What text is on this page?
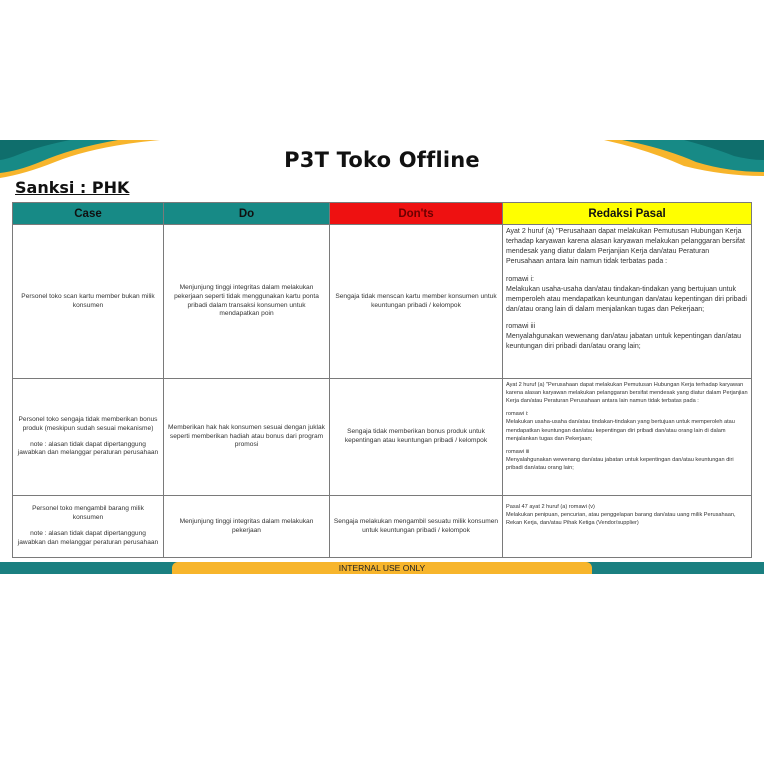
P3T Toko Offline
Sanksi : PHK
Case	Do	Don'ts	Redaksi Pasal

Personel toko scan kartu member bukan milik konsumen	Menjunjung tinggi integritas dalam melakukan pekerjaan seperti tidak menggunakan kartu ponta pribadi dalam transaksi konsumen untuk mendapatkan poin	Sengaja tidak menscan kartu member konsumen untuk keuntungan pribadi / kelompok	Ayat 2 huruf (a) "Perusahaan dapat melakukan Pemutusan Hubungan Kerja terhadap karyawan karena alasan karyawan melakukan pelanggaran bersifat mendesak yang diatur dalam Perjanjian Kerja dan/atau Peraturan Perusahaan antara lain namun tidak terbatas pada :
romawi i:
Melakukan usaha-usaha dan/atau tindakan-tindakan yang bertujuan untuk memperoleh atau mendapatkan keuntungan dan/atau kepentingan diri pribadi dan/atau orang lain di dalam menjalankan tugas dan Pekerjaan;
romawi iii
Menyalahgunakan wewenang dan/atau jabatan untuk kepentingan dan/atau keuntungan diri pribadi dan/atau orang lain;

Personel toko sengaja tidak memberikan bonus produk (meskipun sudah sesuai mekanisme)
note : alasan tidak dapat dipertanggung jawabkan dan melanggar peraturan perusahaan	Memberikan hak hak konsumen sesuai dengan juklak seperti memberikan hadiah atau bonus dari program promosi	Sengaja tidak memberikan bonus produk untuk kepentingan atau keuntungan pribadi / kelompok	Ayat 2 huruf (a) "Perusahaan dapat melakukan Pemutusan Hubungan Kerja terhadap karyawan karena alasan karyawan melakukan pelanggaran bersifat mendesak yang diatur dalam Perjanjian Kerja dan/atau Peraturan Perusahaan antara lain namun tidak terbatas pada :
romawi i:
Melakukan usaha-usaha dan/atau tindakan-tindakan yang bertujuan untuk memperoleh atau mendapatkan keuntungan dan/atau kepentingan diri pribadi dan/atau orang lain di dalam menjalankan tugas dan Pekerjaan;
romawi iii
Menyalahgunakan wewenang dan/atau jabatan untuk kepentingan dan/atau keuntungan diri pribadi dan/atau orang lain;

Personel toko mengambil barang milik konsumen
note : alasan tidak dapat dipertanggung jawabkan dan melanggar peraturan perusahaan	Menjunjung tinggi integritas dalam melakukan pekerjaan	Sengaja melakukan mengambil sesuatu milik konsumen untuk keuntungan pribadi / kelompok	Pasal 47 ayat 2 huruf (a) romawi (v)
Melakukan penipuan, pencurian, atau penggelapan barang dan/atau uang milik Perusahaan, Rekan Kerja, dan/atau Pihak Ketiga (Vendor/supplier)
INTERNAL USE ONLY
